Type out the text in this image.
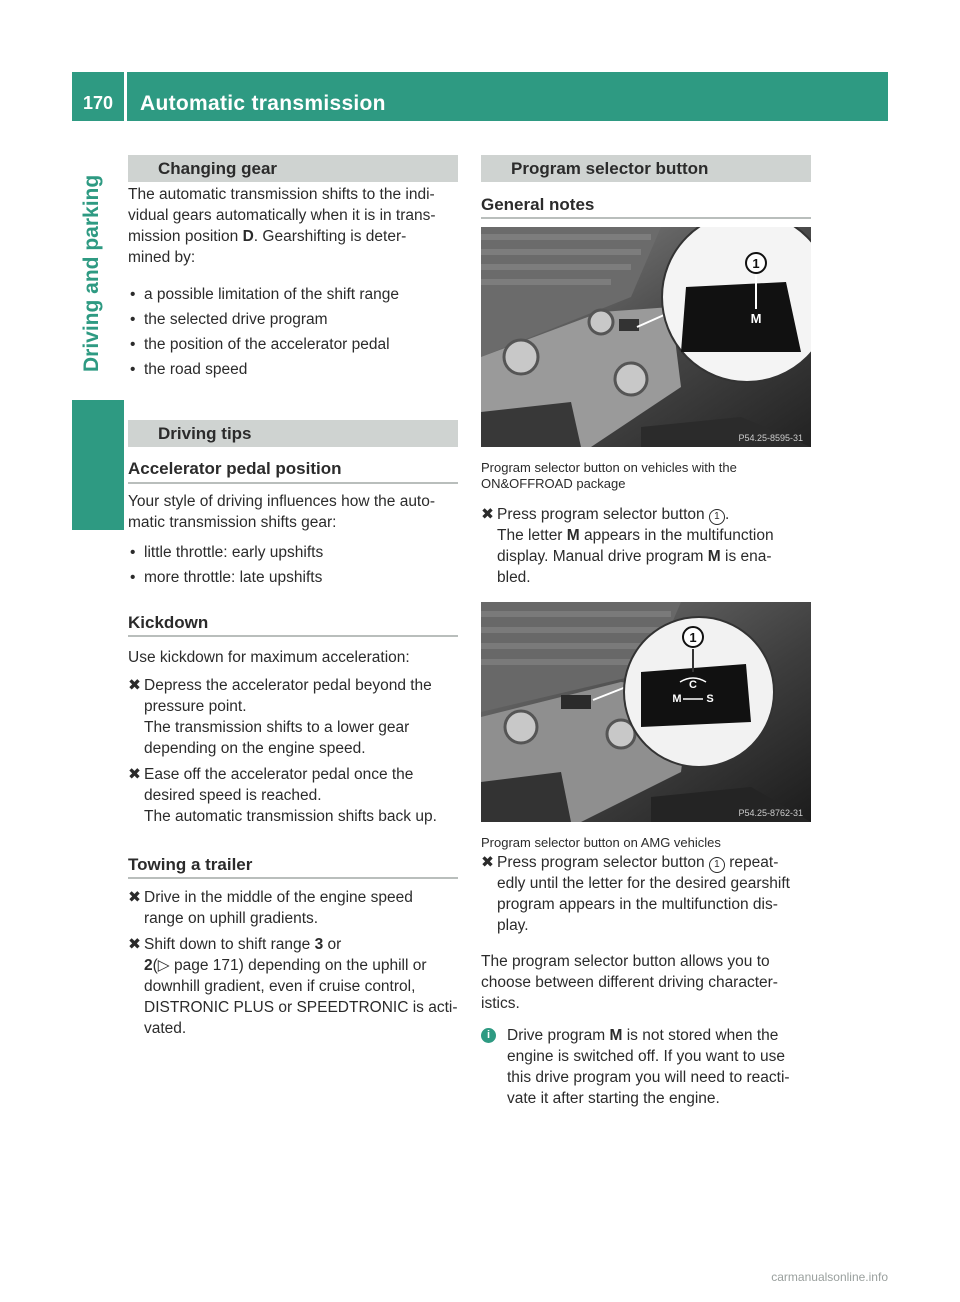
170	Automatic transmission
Driving and parking
Changing gear
The automatic transmission shifts to the indi-
vidual gears automatically when it is in trans-
mission position D. Gearshifting is deter-
mined by:
• a possible limitation of the shift range
• the selected drive program
• the position of the accelerator pedal
• the road speed
Driving tips
Accelerator pedal position
Your style of driving influences how the auto-
matic transmission shifts gear:
• little throttle: early upshifts
• more throttle: late upshifts
Kickdown
Use kickdown for maximum acceleration:
✖ Depress the accelerator pedal beyond the
pressure point.
The transmission shifts to a lower gear
depending on the engine speed.
✖ Ease off the accelerator pedal once the
desired speed is reached.
The automatic transmission shifts back up.
Towing a trailer
✖ Drive in the middle of the engine speed
range on uphill gradients.
✖ Shift down to shift range 3 or
2(▷ page 171) depending on the uphill or
downhill gradient, even if cruise control,
DISTRONIC PLUS or SPEEDTRONIC is acti-
vated.
Program selector button
General notes
1
M
P54.25-8595-31
Program selector button on vehicles with the
ON&OFFROAD package
✖ Press program selector button 1 .
The letter M appears in the multifunction
display. Manual drive program M is ena-
bled.
1
C
M S
P54.25-8762-31
Program selector button on AMG vehicles
✖ Press program selector button 1 repeat-
edly until the letter for the desired gearshift
program appears in the multifunction dis-
play.
The program selector button allows you to
choose between different driving character-
istics.
i	Drive program M is not stored when the
engine is switched off. If you want to use
this drive program you will need to reacti-
vate it after starting the engine.
carmanualsonline.info
